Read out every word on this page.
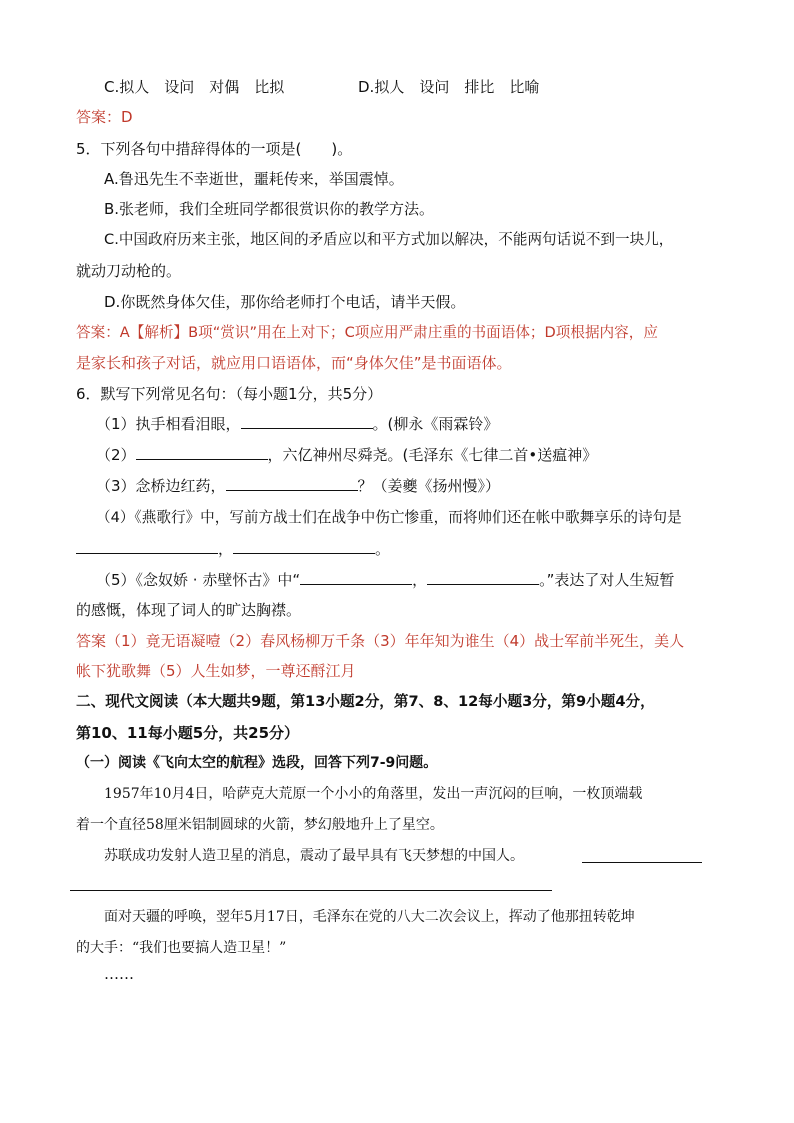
C.拟人　设问　对偶　比拟	D.拟人　设问　排比　比喻
答案：D
5．下列各句中措辞得体的一项是(　　)。
A.鲁迅先生不幸逝世，噩耗传来，举国震悼。
B.张老师，我们全班同学都很赏识你的教学方法。
C.中国政府历来主张，地区间的矛盾应以和平方式加以解决，不能两句话说不到一块儿，
就动刀动枪的。
D.你既然身体欠佳，那你给老师打个电话，请半天假。
答案：A【解析】B项“赏识”用在上对下；C项应用严肃庄重的书面语体；D项根据内容，应
是家长和孩子对话，就应用口语语体，而“身体欠佳”是书面语体。
6．默写下列常见名句：（每小题1分，共5分）
（1）执手相看泪眼，	。(柳永《雨霖铃》
（2）	，六亿神州尽舜尧。(毛泽东《七律二首•送瘟神》
（3）念桥边红药，	？（姜夔《扬州慢》）
（4）《燕歌行》中，写前方战士们在战争中伤亡惨重，而将帅们还在帐中歌舞享乐的诗句是
，	。
（5）《念奴娇 · 赤壁怀古》中“	，	。”表达了对人生短暂
的感慨，体现了词人的旷达胸襟。
答案（1）竟无语凝噎（2）春风杨柳万千条（3）年年知为谁生（4）战士军前半死生，美人
帐下犹歌舞（5）人生如梦，一尊还酹江月
二、现代文阅读（本大题共9题，第13小题2分，第7、8、12每小题3分，第9小题4分，
第10、11每小题5分，共25分）
（一）阅读《飞向太空的航程》选段，回答下列7-9问题。
1957年10月4日，哈萨克大荒原一个小小的角落里，发出一声沉闷的巨响，一枚顶端载
着一个直径58厘米铝制圆球的火箭，梦幻般地升上了星空。
苏联成功发射人造卫星的消息，震动了最早具有飞天梦想的中国人。
面对天疆的呼唤，翌年5月17日，毛泽东在党的八大二次会议上，挥动了他那扭转乾坤
的大手：“我们也要搞人造卫星！”
……
